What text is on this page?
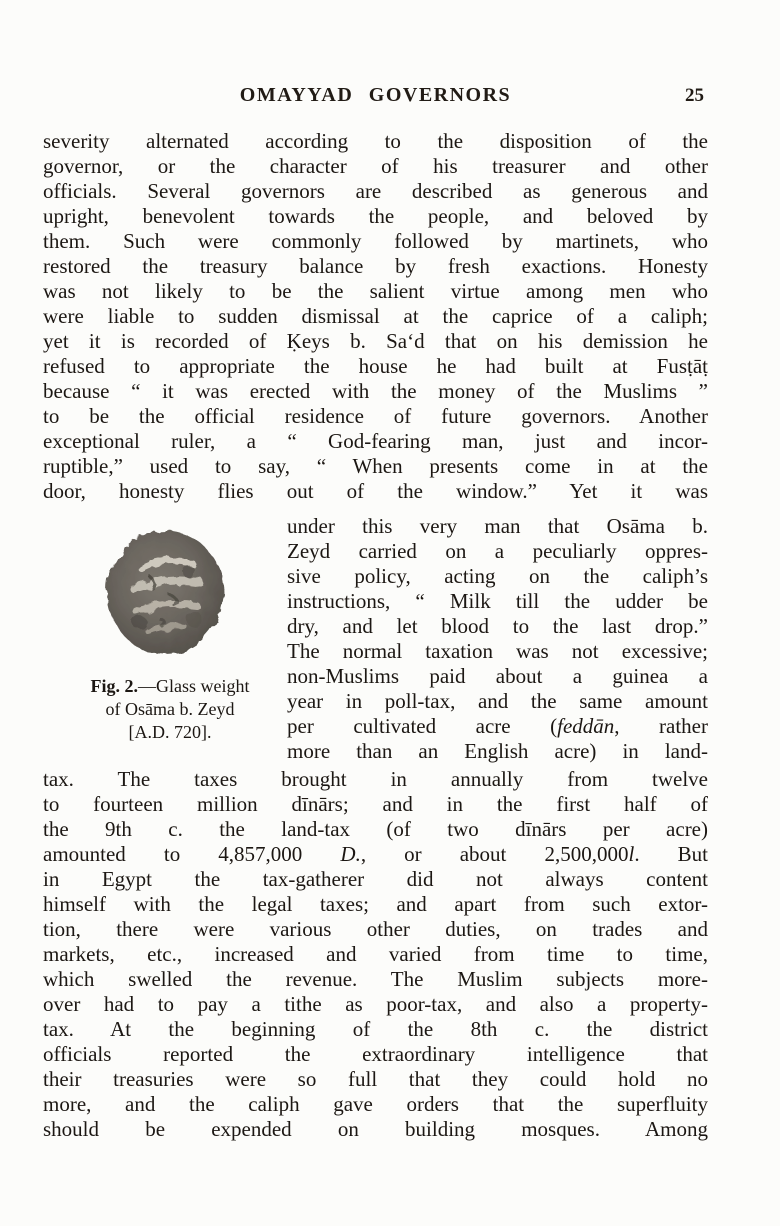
OMAYYAD GOVERNORS	25
severity alternated according to the disposition of the
governor, or the character of his treasurer and other
officials. Several governors are described as generous and
upright, benevolent towards the people, and beloved by
them. Such were commonly followed by martinets, who
restored the treasury balance by fresh exactions. Honesty
was not likely to be the salient virtue among men who
were liable to sudden dismissal at the caprice of a caliph;
yet it is recorded of Ḳeys b. Sa‘d that on his demission he
refused to appropriate the house he had built at Fusṭāṭ
because “ it was erected with the money of the Muslims ”
to be the official residence of future governors. Another
exceptional ruler, a “ God-fearing man, just and incor-
ruptible,” used to say, “ When presents come in at the
door, honesty flies out of the window.” Yet it was
Fig. 2.—Glass weight
of Osāma b. Zeyd
[A.D. 720].
under this very man that Osāma b.
Zeyd carried on a peculiarly oppres-
sive policy, acting on the caliph’s
instructions, “ Milk till the udder be
dry, and let blood to the last drop.”
The normal taxation was not excessive;
non-Muslims paid about a guinea a
year in poll-tax, and the same amount
per cultivated acre (feddān, rather
more than an English acre) in land-
tax. The taxes brought in annually from twelve
to fourteen million dīnārs; and in the first half of
the 9th c. the land-tax (of two dīnārs per acre)
amounted to 4,857,000 D., or about 2,500,000l. But
in Egypt the tax-gatherer did not always content
himself with the legal taxes; and apart from such extor-
tion, there were various other duties, on trades and
markets, etc., increased and varied from time to time,
which swelled the revenue. The Muslim subjects more-
over had to pay a tithe as poor-tax, and also a property-
tax. At the beginning of the 8th c. the district
officials reported the extraordinary intelligence that
their treasuries were so full that they could hold no
more, and the caliph gave orders that the superfluity
should be expended on building mosques. Among
